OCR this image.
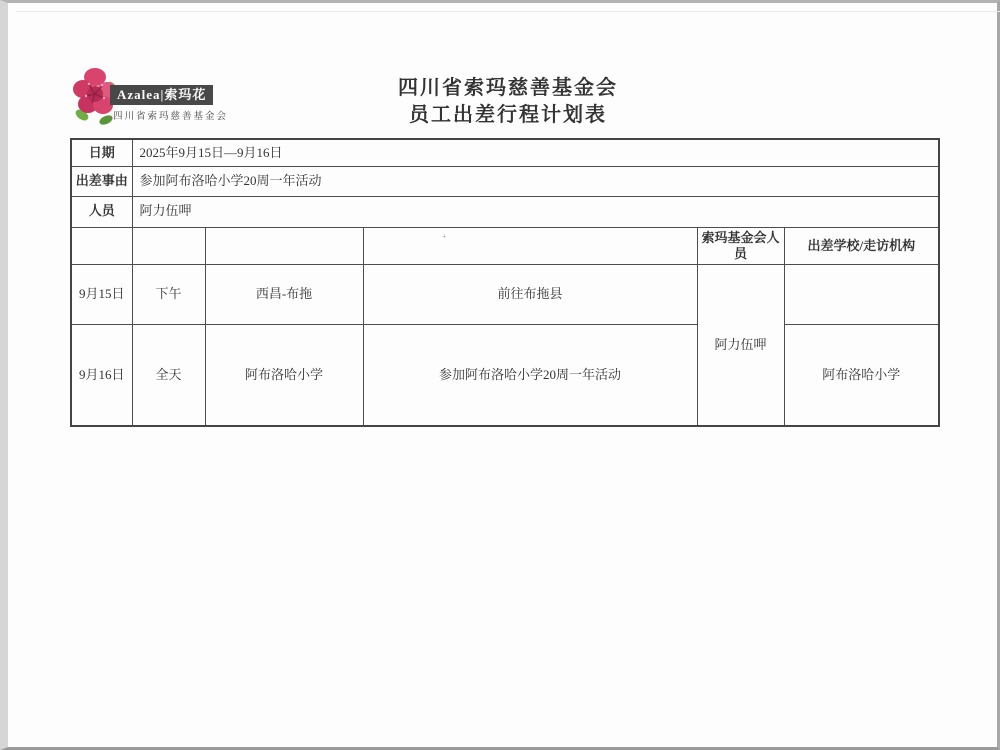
Azalea|索玛花
四川省索玛慈善基金会
四川省索玛慈善基金会
员工出差行程计划表
日期	2025年9月15日—9月16日				
出差事由	参加阿布洛哈小学20周一年活动				
人员	阿力伍呷				
				索玛基金会人员	出差学校/走访机构
9月15日	下午	西昌-布拖	前往布拖县	阿力伍呷	
9月16日	全天	阿布洛哈小学	参加阿布洛哈小学20周一年活动		阿布洛哈小学
+
